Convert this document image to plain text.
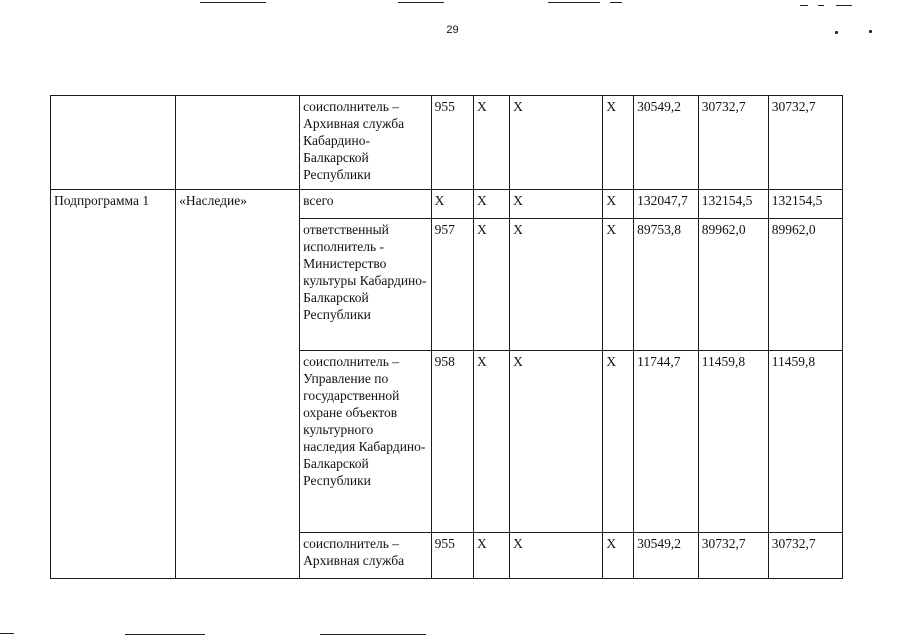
29
		соисполнитель – Архивная служба Кабардино-Балкарской Республики	955	Х	Х	Х	30549,2	30732,7	30732,7
Подпрограмма 1	«Наследие»	всего	Х	Х	Х	Х	132047,7	132154,5	132154,5
		ответственный исполнитель - Министерство культуры Кабардино-Балкарской Республики	957	Х	Х	Х	89753,8	89962,0	89962,0
		соисполнитель – Управление по государственной охране объектов культурного наследия Кабардино-Балкарской Республики	958	Х	Х	Х	11744,7	11459,8	11459,8
		соисполнитель – Архивная служба	955	Х	Х	Х	30549,2	30732,7	30732,7
